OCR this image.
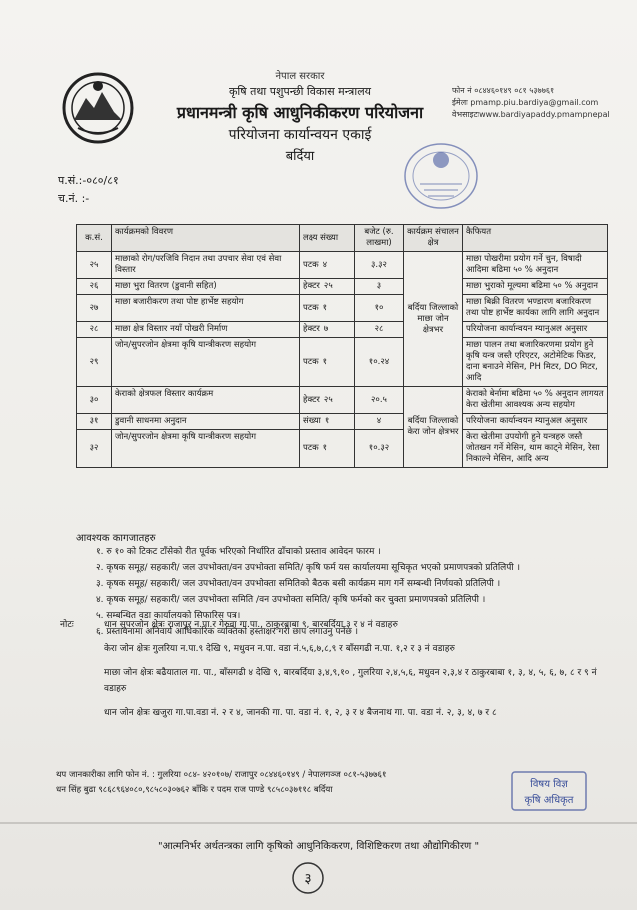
नेपाल सरकार
कृषि तथा पशुपन्छी विकास मन्त्रालय
प्रधानमन्त्री कृषि आधुनिकीकरण परियोजना
परियोजना कार्यान्वयन एकाई
बर्दिया
फोन नं ०८४४६०१४९ ०८१ ५३७७६१
ईमेलः pmamp.piu.bardiya@gmail.com
वेभसाइटःwww.bardiyapaddy.pmampnepal
प.सं.:-०८०/८१
च.नं. :-
क.सं.	कार्यक्रमको विवरण	लक्ष्य संख्या	बजेट (रु. लाखमा)	कार्यक्रम संचालन क्षेत्र	कैफियत
२५	माछाको रोग/परजिवि निदान तथा उपचार सेवा एवं सेवा विस्तार	पटक ४	३.३२	बर्दिया जिल्लाको माछा जोन क्षेत्रभर	माछा पोखरीमा प्रयोग गर्ने चुन, विषादी आदिमा बढिमा ५० % अनुदान
२६	माछा भुरा वितरण (डुवानी सहित)	हेक्टर २५	३		माछा भुराको मूल्यमा बढिमा ५० % अनुदान
२७	माछा बजारीकरण तथा पोष्ट हार्भेष्ट सहयोग	पटक १	१०		माछा बिक्री वितरण भण्डारण बजारिकरण तथा पोष्ट हार्भेष्ट कार्यका लागि लागि अनुदान
२८	माछा क्षेत्र विस्तार नयाँ पोखरी निर्माण	हेक्टर ७	२८		परियोजना कार्यान्वयन म्यानुअल अनुसार
२९	जोन/सुपरजोन क्षेत्रमा कृषि यान्त्रीकरण सहयोग	पटक १	१०.२४		माछा पालन तथा बजारिकरणमा प्रयोग हुने कृषि यन्त्र जस्तै एरिएटर, अटोमेटिक फिडर, दाना बनाउने मेसिन, PH मिटर, DO मिटर, आदि
३०	केराको क्षेत्रफल विस्तार कार्यक्रम	हेक्टर २५	२०.५	बर्दिया जिल्लाको केरा जोन क्षेत्रभर	केराको बेर्नामा बढिमा ५० % अनुदान लागयत केरा खेतीमा आवश्यक अन्य सहयोग
३१	डुवानी साधनमा अनुदान	संख्या १	४		परियोजना कार्यान्वयन म्यानुअल अनुसार
३२	जोन/सुपरजोन क्षेत्रमा कृषि यान्त्रीकरण सहयोग	पटक १	१०.३२		केरा खेतीमा उपयोगी हुने यन्त्रहरु जस्तै जोतखन गर्ने मेसिन, थाम काट्ने मेसिन, रेसा निकाल्ने मेसिन, आदि अन्य
आवश्यक कागजातहरु
१. रु १० को टिकट टाँसेको रीत पूर्वक भरिएको निर्धारित ढाँचाको प्रस्ताव आवेदन फारम ।
२. कृषक समूह/ सहकारी/ जल उपभोक्ता/वन उपभोक्ता समिति/ कृषि फर्म यस कार्यालयमा सूचिकृत भएको प्रमाणपत्रको प्रतिलिपी ।
३. कृषक समूह/ सहकारी/ जल उपभोक्ता/वन उपभोक्ता समितिको बैठक बसी कार्यक्रम माग गर्ने सम्बन्धी निर्णयको प्रतिलिपी ।
४. कृषक समूह/ सहकारी/ जल उपभोक्ता समिति /वन उपभोक्ता समिति/ कृषि फर्मको कर चुक्ता प्रमाणपत्रको प्रतिलिपी ।
५. सम्बन्धित वडा कार्यालयको सिफारिस पत्र।
६. प्रस्तावनामा अनिवार्य आधिकारिक व्यक्तिको हस्ताक्षर गरी छाप लगाउनु पर्नेछ ।
नोटः	धान सुपरजोन क्षेत्रः राजापुर न.पा.र गेरुवा गा.पा., ठाकुरबाबा ९, बारबर्दिया ३ र ४ नं वडाहरु
केरा जोन क्षेत्रः गुलरिया न.पा.९ देखि ९, मधुवन न.पा. वडा नं.५,६,७,८,९ र बाँसगढी न.पा. १,२ र ३ नं वडाहरु
माछा जोन क्षेत्रः बढैयाताल गा. पा., बाँसगढी ४ देखि ९, बारबर्दिया ३,४,९,१० , गुलरिया २,४,५,६, मधुवन २,३,४ र ठाकुरबाबा १, ३, ४, ५, ६, ७, ८ र ९ नं वडाहरु
धान जोन क्षेत्रः खजुरा गा.पा.वडा नं. २ र ४, जानकी गा. पा. वडा नं. १, २, ३ र ४ बैजनाथ गा. पा. वडा नं. २, ३, ४, ७ र ८
थप जानकारीका लागि फोन नं. : गुलरिया ०८४- ४२०१०७/ राजापुर ०८४४६०१४९ / नेपालगञ्ज ०८१-५३७७६१
धन सिंह बुढा ९८६८९६४०८०,९८५८०३०७६२ बाँकि र पदम राज पाण्डे ९८५८०३७११८ बर्दिया	विषय विज्ञ
कृषि अधिकृत
"आत्मनिर्भर अर्थतन्त्रका लागि कृषिको आधुनिकिकरण, विशिष्टिकरण तथा औद्योगिकीरण "
३
